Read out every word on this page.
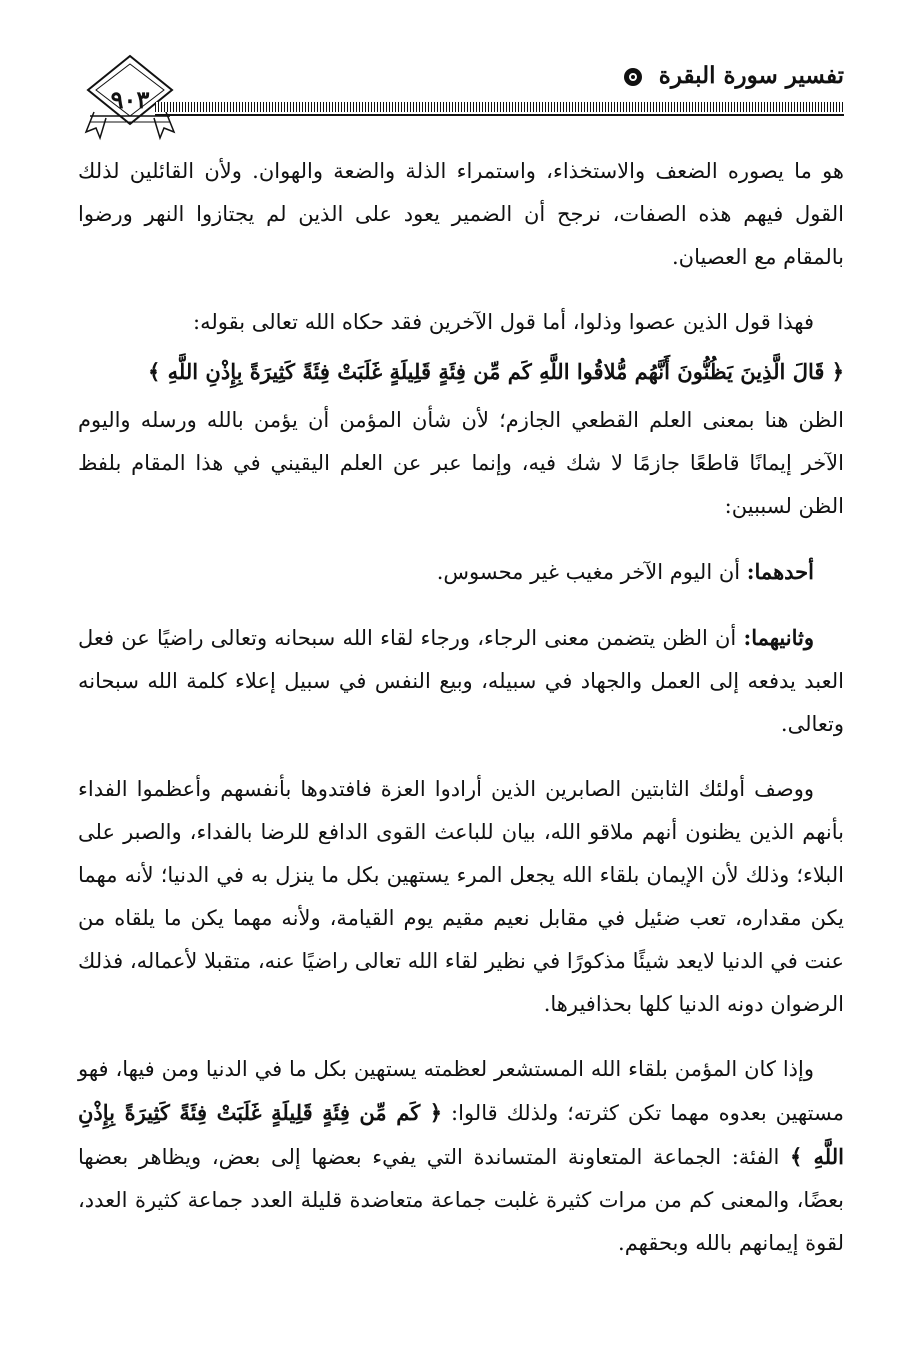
٩٠٣
تفسير سورة البقرة

هو ما يصوره الضعف والاستخذاء، واستمراء الذلة والضعة والهوان. ولأن القائلين لذلك القول فيهم هذه الصفات، نرجح أن الضمير يعود على الذين لم يجتازوا النهر ورضوا بالمقام مع العصيان.

فهذا قول الذين عصوا وذلوا، أما قول الآخرين فقد حكاه الله تعالى بقوله:

﴿ قَالَ الَّذِينَ يَظُنُّونَ أَنَّهُم مُّلاقُوا اللَّهِ كَم مِّن فِئَةٍ قَلِيلَةٍ غَلَبَتْ فِئَةً كَثِيرَةً بِإِذْنِ اللَّهِ ﴾

الظن هنا بمعنى العلم القطعي الجازم؛ لأن شأن المؤمن أن يؤمن بالله ورسله واليوم الآخر إيمانًا قاطعًا جازمًا لا شك فيه، وإنما عبر عن العلم اليقيني في هذا المقام بلفظ الظن لسببين:

أحدهما: أن اليوم الآخر مغيب غير محسوس.

وثانيهما: أن الظن يتضمن معنى الرجاء، ورجاء لقاء الله سبحانه وتعالى راضيًا عن فعل العبد يدفعه إلى العمل والجهاد في سبيله، وبيع النفس في سبيل إعلاء كلمة الله سبحانه وتعالى.

ووصف أولئك الثابتين الصابرين الذين أرادوا العزة فافتدوها بأنفسهم وأعظموا الفداء بأنهم الذين يظنون أنهم ملاقو الله، بيان للباعث القوى الدافع للرضا بالفداء، والصبر على البلاء؛ وذلك لأن الإيمان بلقاء الله يجعل المرء يستهين بكل ما ينزل به في الدنيا؛ لأنه مهما يكن مقداره، تعب ضئيل في مقابل نعيم مقيم يوم القيامة، ولأنه مهما يكن ما يلقاه من عنت في الدنيا لايعد شيئًا مذكورًا في نظير لقاء الله تعالى راضيًا عنه، متقبلا لأعماله، فذلك الرضوان دونه الدنيا كلها بحذافيرها.

وإذا كان المؤمن بلقاء الله المستشعر لعظمته يستهين بكل ما في الدنيا ومن فيها، فهو مستهين بعدوه مهما تكن كثرته؛ ولذلك قالوا: ﴿ كَم مِّن فِئَةٍ قَلِيلَةٍ غَلَبَتْ فِئَةً كَثِيرَةً بِإِذْنِ اللَّهِ ﴾ الفئة: الجماعة المتعاونة المتساندة التي يفيء بعضها إلى بعض، ويظاهر بعضها بعضًا، والمعنى كم من مرات كثيرة غلبت جماعة متعاضدة قليلة العدد جماعة كثيرة العدد، لقوة إيمانهم بالله وبحقهم.
